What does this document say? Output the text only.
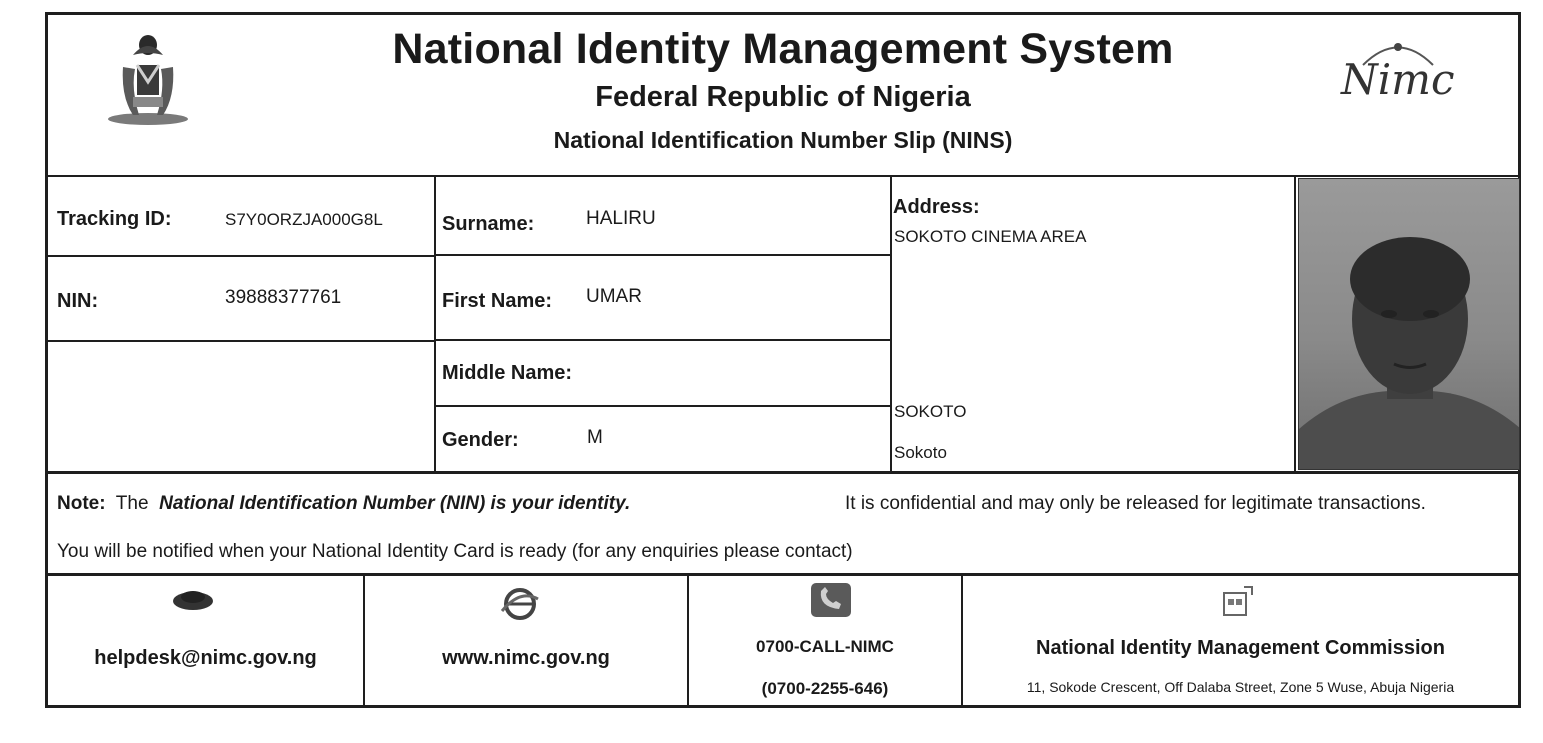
National Identity Management System
Federal Republic of Nigeria
National Identification Number Slip (NINS)
Nimc
Tracking ID:	S7Y0ORZJA000G8L
NIN:	39888377761
Surname:	HALIRU
First Name: UMAR
Middle Name:
Gender:	M
Address:
SOKOTO CINEMA AREA
SOKOTO
Sokoto
Note: The National Identification Number (NIN) is your identity.	It is confidential and may only be released for legitimate transactions.
You will be notified when your National Identity Card is ready (for any enquiries please contact)
helpdesk@nimc.gov.ng	www.nimc.gov.ng
0700-CALL-NIMC
(0700-2255-646)
National Identity Management Commission
11, Sokode Crescent, Off Dalaba Street, Zone 5 Wuse, Abuja Nigeria
